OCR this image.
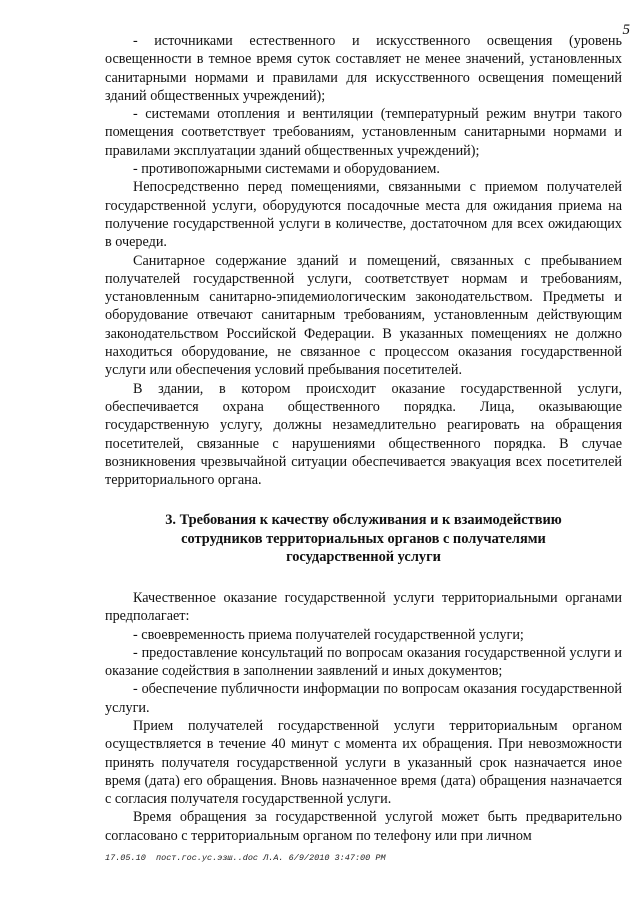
5

- источниками естественного и искусственного освещения (уровень освещенности в темное время суток составляет не менее значений, установленных санитарными нормами и правилами для искусственного освещения помещений зданий общественных учреждений);

- системами отопления и вентиляции (температурный режим внутри такого помещения соответствует требованиям, установленным санитарными нормами и правилами эксплуатации зданий общественных учреждений);

- противопожарными системами и оборудованием.

Непосредственно перед помещениями, связанными с приемом получателей государственной услуги, оборудуются посадочные места для ожидания приема на получение государственной услуги в количестве, достаточном для всех ожидающих в очереди.

Санитарное содержание зданий и помещений, связанных с пребыванием получателей государственной услуги, соответствует нормам и требованиям, установленным санитарно-эпидемиологическим законодательством. Предметы и оборудование отвечают санитарным требованиям, установленным действующим законодательством Российской Федерации. В указанных помещениях не должно находиться оборудование, не связанное с процессом оказания государственной услуги или обеспечения условий пребывания посетителей.

В здании, в котором происходит оказание государственной услуги, обеспечивается охрана общественного порядка. Лица, оказывающие государственную услугу, должны незамедлительно реагировать на обращения посетителей, связанные с нарушениями общественного порядка. В случае возникновения чрезвычайной ситуации обеспечивается эвакуация всех посетителей территориального органа.

3. Требования к качеству обслуживания и к взаимодействию
сотрудников территориальных органов с получателями
государственной услуги

Качественное оказание государственной услуги территориальными органами предполагает:

- своевременность приема получателей государственной услуги;

- предоставление консультаций по вопросам оказания государственной услуги и оказание содействия в заполнении заявлений и иных документов;

- обеспечение публичности информации по вопросам оказания государственной услуги.

Прием получателей государственной услуги территориальным органом осуществляется в течение 40 минут с момента их обращения. При невозможности принять получателя государственной услуги в указанный срок назначается иное время (дата) его обращения. Вновь назначенное время (дата) обращения назначается с согласия получателя государственной услуги.

Время обращения за государственной услугой может быть предварительно согласовано с территориальным органом по телефону или при личном

17.05.10  пост.гос.ус.эзш..doc Л.А. 6/9/2010 3:47:00 PM
